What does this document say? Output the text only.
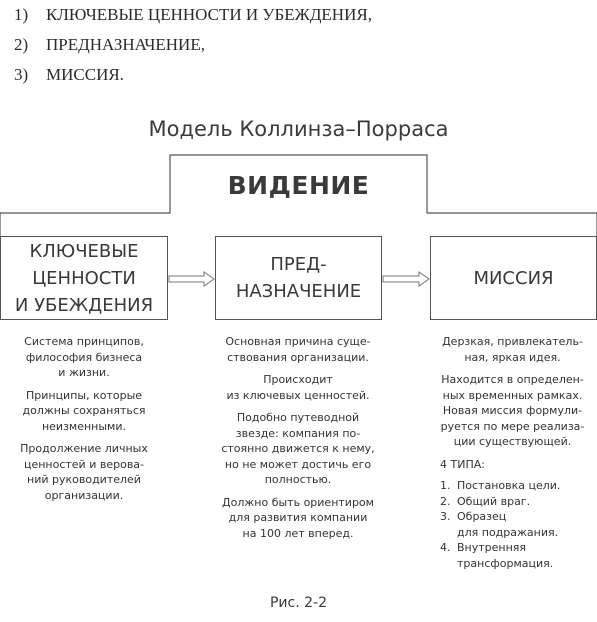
1)	КЛЮЧЕВЫЕ ЦЕННОСТИ И УБЕЖДЕНИЯ,
2)	ПРЕДНАЗНАЧЕНИЕ,
3)	МИССИЯ.
Модель Коллинза–Порраса
ВИДЕНИЕ
КЛЮЧЕВЫЕ
ЦЕННОСТИ
И УБЕЖДЕНИЯ
ПРЕД-
НАЗНАЧЕНИЕ
МИССИЯ

Система принципов,
философия бизнеса
и жизни.

Принципы, которые
должны сохраняться
неизменными.

Продолжение личных
ценностей и верова-
ний руководителей
организации.

Основная причина суще-
ствования организации.

Происходит
из ключевых ценностей.

Подобно путеводной
звезде: компания по-
стоянно движется к нему,
но не может достичь его
полностью.

Должно быть ориентиром
для развития компании
на 100 лет вперед.

Дерзкая, привлекатель-
ная, яркая идея.

Находится в определен-
ных временных рамках.
Новая миссия формули-
руется по мере реализа-
ции существующей.

4 ТИПА:
1. Постановка цели.
2. Общий враг.
3. Образец
для подражания.
4. Внутренняя
трансформация.
Рис. 2-2
